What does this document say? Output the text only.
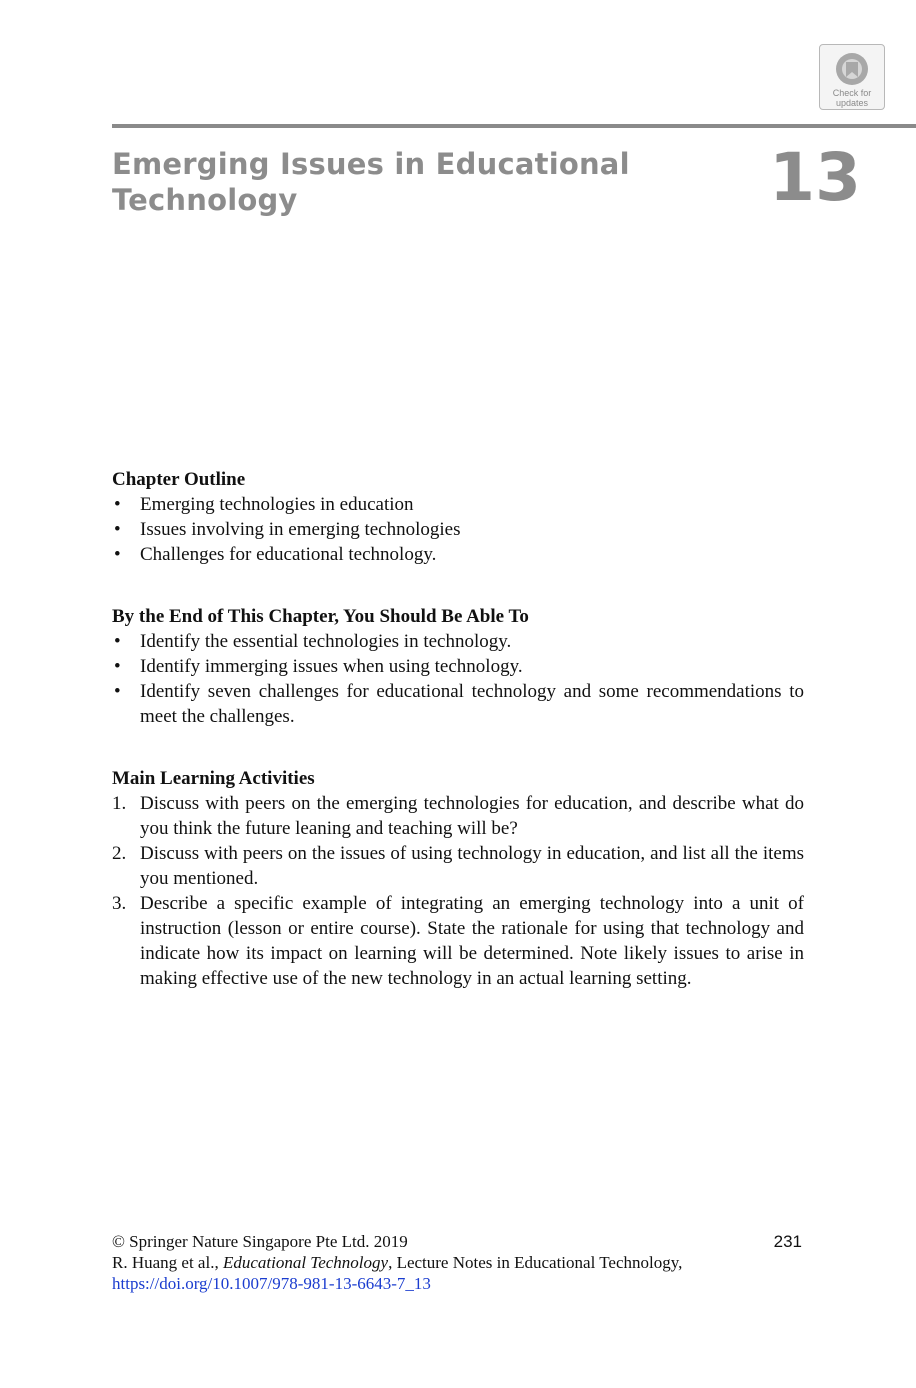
Check for
updates
Emerging Issues in Educational Technology	13

Chapter Outline

• Emerging technologies in education
• Issues involving in emerging technologies
• Challenges for educational technology.

By the End of This Chapter, You Should Be Able To

• Identify the essential technologies in technology.
• Identify immerging issues when using technology.
• Identify seven challenges for educational technology and some recommendations to meet the challenges.

Main Learning Activities

1. Discuss with peers on the emerging technologies for education, and describe what do you think the future leaning and teaching will be?
2. Discuss with peers on the issues of using technology in education, and list all the items you mentioned.
3. Describe a specific example of integrating an emerging technology into a unit of instruction (lesson or entire course). State the rationale for using that technology and indicate how its impact on learning will be determined. Note likely issues to arise in making effective use of the new technology in an actual learning setting.
231
© Springer Nature Singapore Pte Ltd. 2019
R. Huang et al., Educational Technology, Lecture Notes in Educational Technology,
https://doi.org/10.1007/978-981-13-6643-7_13
